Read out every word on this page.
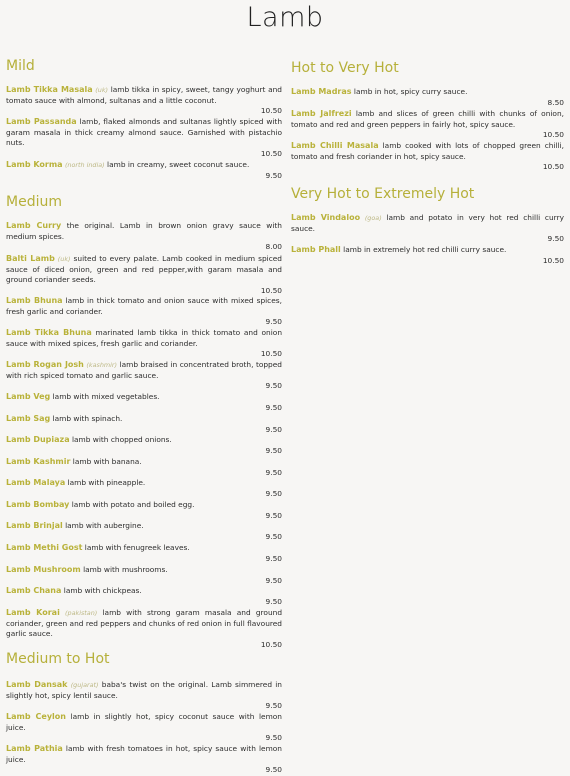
Lamb
Mild
Lamb Tikka Masala (uk) lamb tikka in spicy, sweet, tangy yoghurt and tomato sauce with almond, sultanas and a little coconut.
10.50
Lamb Passanda lamb, flaked almonds and sultanas lightly spiced with garam masala in thick creamy almond sauce. Garnished with pistachio nuts.
10.50
Lamb Korma (north india) lamb in creamy, sweet coconut sauce.
9.50
Medium
Lamb Curry the original. Lamb in brown onion gravy sauce with medium spices.
8.00
Balti Lamb (uk) suited to every palate. Lamb cooked in medium spiced sauce of diced onion, green and red pepper,with garam masala and ground coriander seeds.
10.50
Lamb Bhuna lamb in thick tomato and onion sauce with mixed spices, fresh garlic and coriander.
9.50
Lamb Tikka Bhuna marinated lamb tikka in thick tomato and onion sauce with mixed spices, fresh garlic and coriander.
10.50
Lamb Rogan Josh (kashmir) lamb braised in concentrated broth, topped with rich spiced tomato and garlic sauce.
9.50
Lamb Veg lamb with mixed vegetables.
9.50
Lamb Sag lamb with spinach.
9.50
Lamb Dupiaza lamb with chopped onions.
9.50
Lamb Kashmir lamb with banana.
9.50
Lamb Malaya lamb with pineapple.
9.50
Lamb Bombay lamb with potato and boiled egg.
9.50
Lamb Brinjal lamb with aubergine.
9.50
Lamb Methi Gost lamb with fenugreek leaves.
9.50
Lamb Mushroom lamb with mushrooms.
9.50
Lamb Chana lamb with chickpeas.
9.50
Lamb Korai (pakistan) lamb with strong garam masala and ground coriander, green and red peppers and chunks of red onion in full flavoured garlic sauce.
10.50
Medium to Hot
Lamb Dansak (gujarat) baba's twist on the original. Lamb simmered in slightly hot, spicy lentil sauce.
9.50
Lamb Ceylon lamb in slightly hot, spicy coconut sauce with lemon juice.
9.50
Lamb Pathia lamb with fresh tomatoes in hot, spicy sauce with lemon juice.
9.50
Hot to Very Hot
Lamb Madras lamb in hot, spicy curry sauce.
8.50
Lamb Jalfrezi lamb and slices of green chilli with chunks of onion, tomato and red and green peppers in fairly hot, spicy sauce.
10.50
Lamb Chilli Masala lamb cooked with lots of chopped green chilli, tomato and fresh coriander in hot, spicy sauce.
10.50
Very Hot to Extremely Hot
Lamb Vindaloo (goa) lamb and potato in very hot red chilli curry sauce.
9.50
Lamb Phall lamb in extremely hot red chilli curry sauce.
10.50
